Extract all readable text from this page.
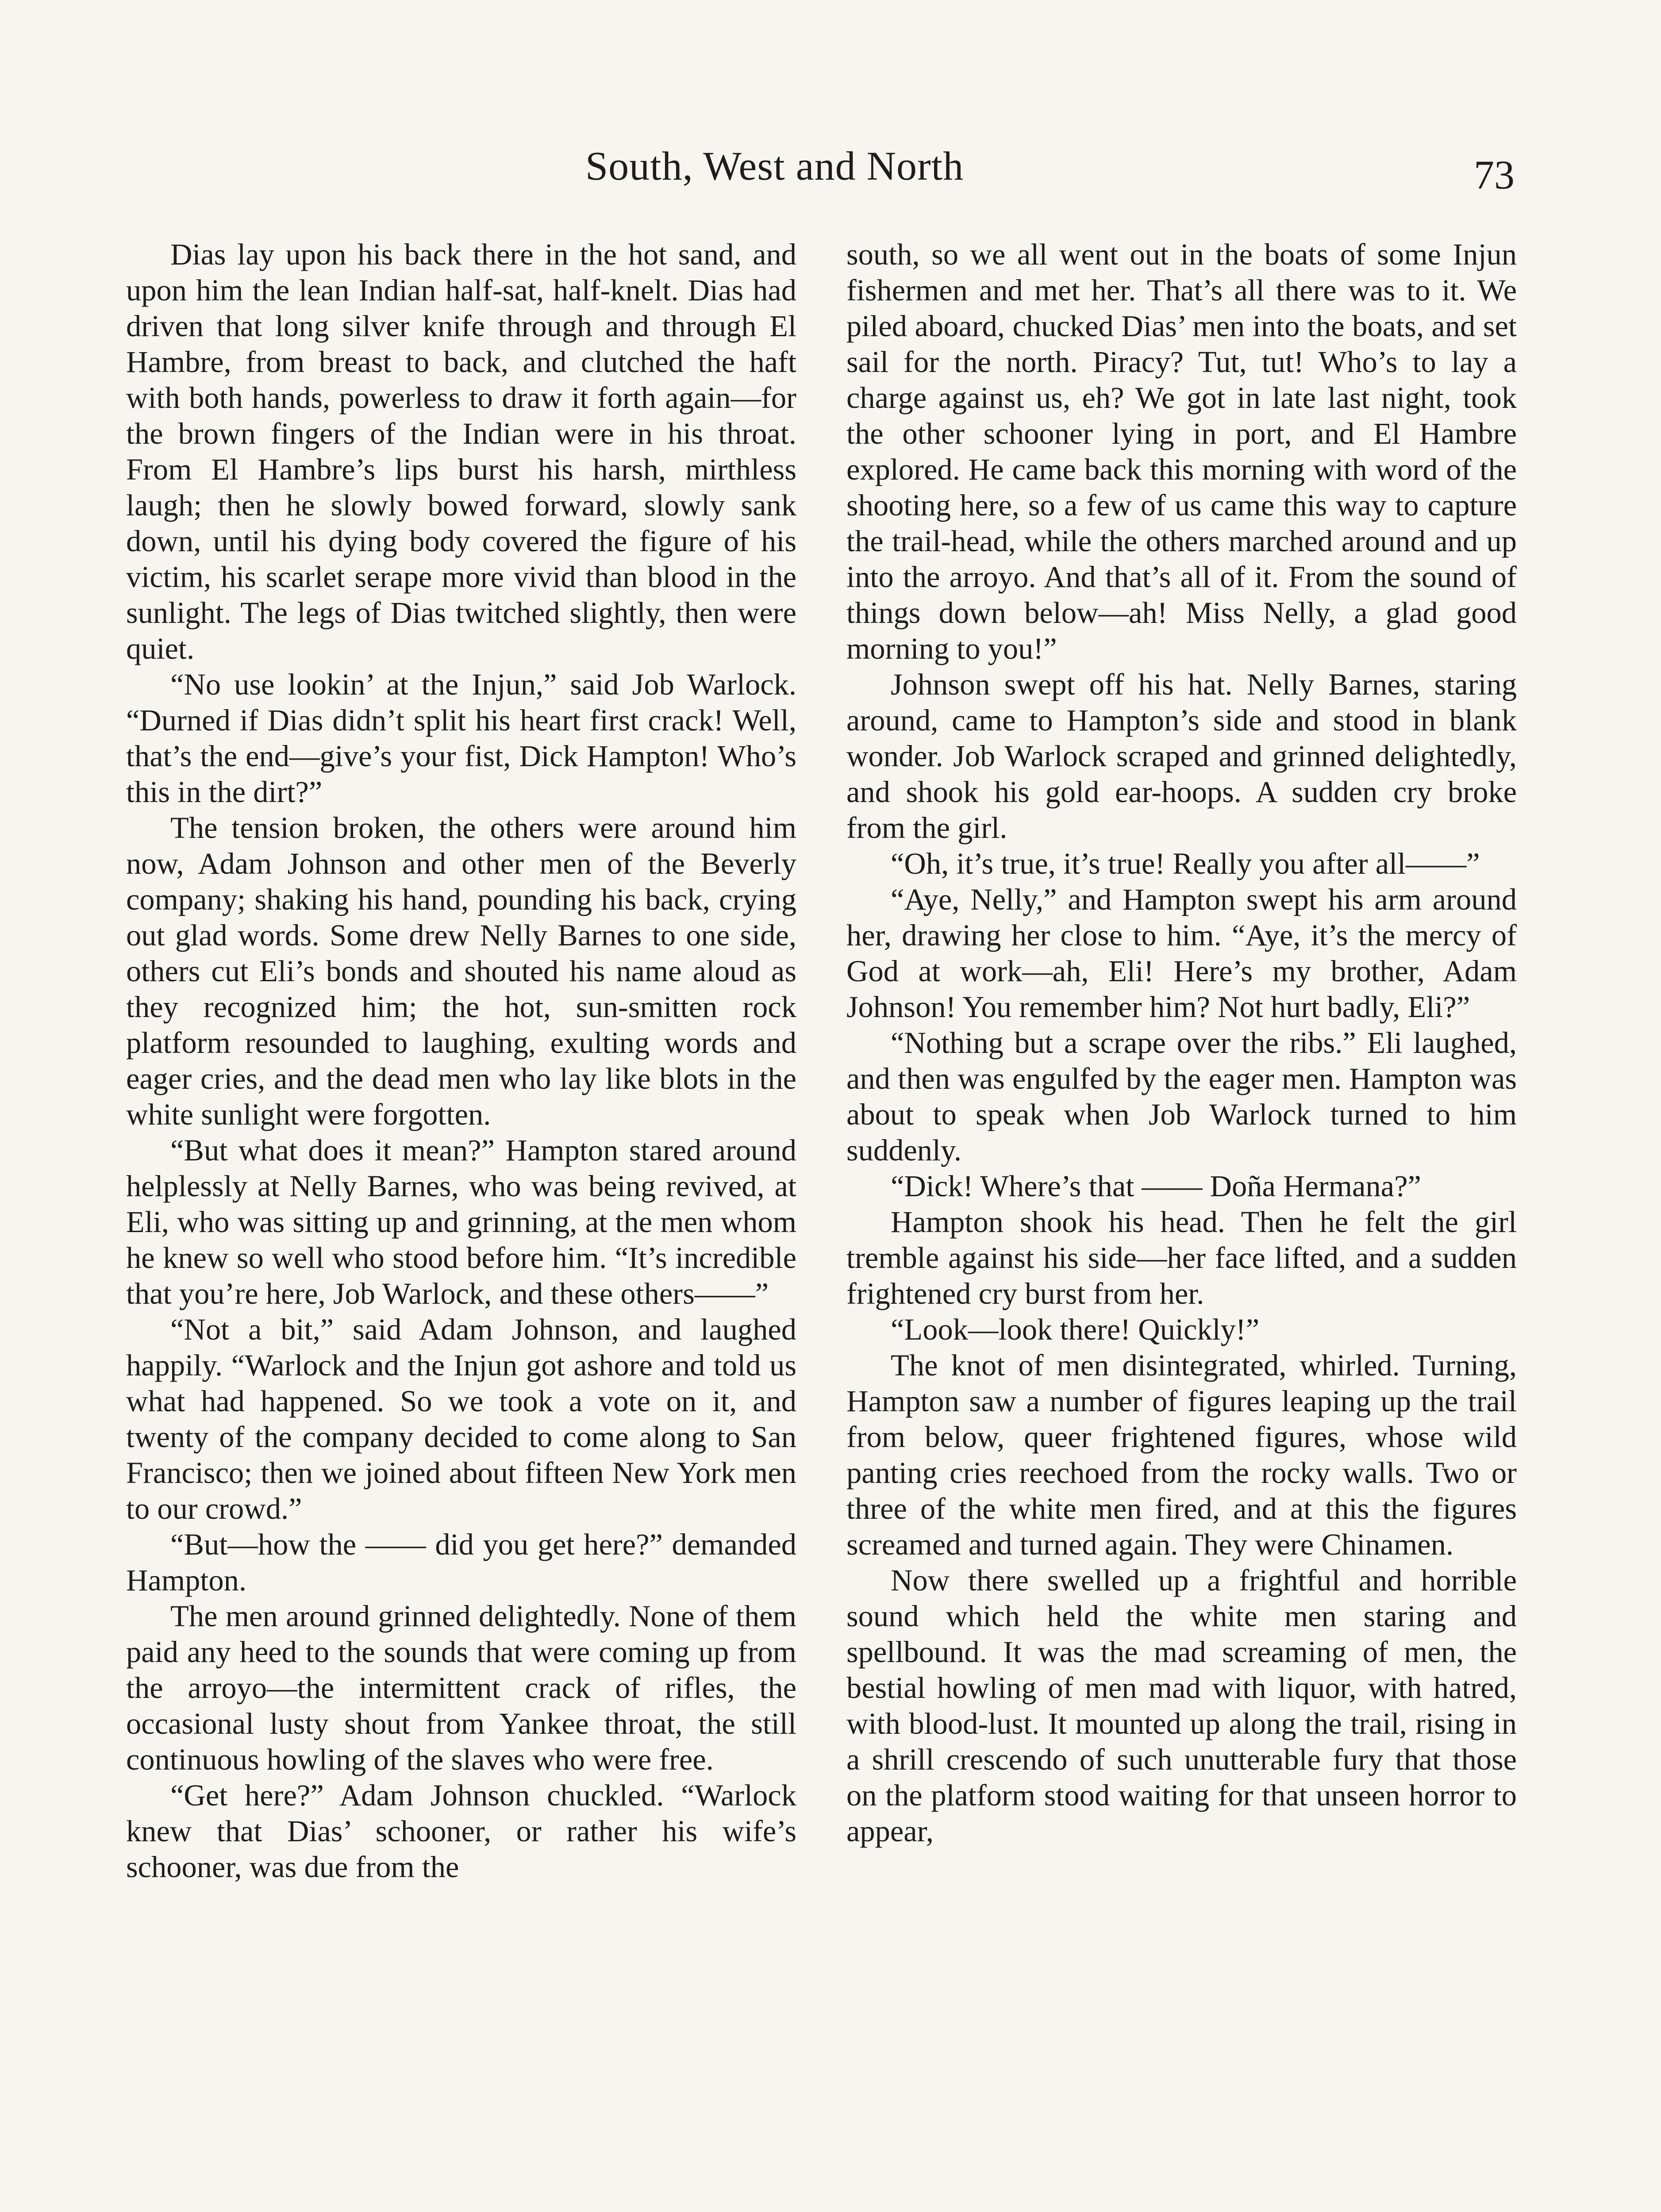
South, West and North	73

Dias lay upon his back there in the hot sand, and upon him the lean Indian half-sat, half-knelt. Dias had driven that long silver knife through and through El Hambre, from breast to back, and clutched the haft with both hands, powerless to draw it forth again—for the brown fingers of the Indian were in his throat. From El Hambre’s lips burst his harsh, mirthless laugh; then he slowly bowed forward, slowly sank down, until his dying body covered the figure of his victim, his scarlet serape more vivid than blood in the sunlight. The legs of Dias twitched slightly, then were quiet.

“No use lookin’ at the Injun,” said Job Warlock. “Durned if Dias didn’t split his heart first crack! Well, that’s the end—give’s your fist, Dick Hampton! Who’s this in the dirt?”

The tension broken, the others were around him now, Adam Johnson and other men of the Beverly company; shaking his hand, pounding his back, crying out glad words. Some drew Nelly Barnes to one side, others cut Eli’s bonds and shouted his name aloud as they recognized him; the hot, sun-smitten rock platform resounded to laughing, exulting words and eager cries, and the dead men who lay like blots in the white sunlight were forgotten.

“But what does it mean?” Hampton stared around helplessly at Nelly Barnes, who was being revived, at Eli, who was sitting up and grinning, at the men whom he knew so well who stood before him. “It’s incredible that you’re here, Job Warlock, and these others——”

“Not a bit,” said Adam Johnson, and laughed happily. “Warlock and the Injun got ashore and told us what had happened. So we took a vote on it, and twenty of the company decided to come along to San Francisco; then we joined about fifteen New York men to our crowd.”

“But—how the —— did you get here?” demanded Hampton.

The men around grinned delightedly. None of them paid any heed to the sounds that were coming up from the arroyo—the intermittent crack of rifles, the occasional lusty shout from Yankee throat, the still continuous howling of the slaves who were free.

“Get here?” Adam Johnson chuckled. “Warlock knew that Dias’ schooner, or rather his wife’s schooner, was due from the

south, so we all went out in the boats of some Injun fishermen and met her. That’s all there was to it. We piled aboard, chucked Dias’ men into the boats, and set sail for the north. Piracy? Tut, tut! Who’s to lay a charge against us, eh? We got in late last night, took the other schooner lying in port, and El Hambre explored. He came back this morning with word of the shooting here, so a few of us came this way to capture the trail-head, while the others marched around and up into the arroyo. And that’s all of it. From the sound of things down below—ah! Miss Nelly, a glad good morning to you!”

Johnson swept off his hat. Nelly Barnes, staring around, came to Hampton’s side and stood in blank wonder. Job Warlock scraped and grinned delightedly, and shook his gold ear-hoops. A sudden cry broke from the girl.

“Oh, it’s true, it’s true! Really you after all——”

“Aye, Nelly,” and Hampton swept his arm around her, drawing her close to him. “Aye, it’s the mercy of God at work—ah, Eli! Here’s my brother, Adam Johnson! You remember him? Not hurt badly, Eli?”

“Nothing but a scrape over the ribs.” Eli laughed, and then was engulfed by the eager men. Hampton was about to speak when Job Warlock turned to him suddenly.

“Dick! Where’s that —— Doña Hermana?”

Hampton shook his head. Then he felt the girl tremble against his side—her face lifted, and a sudden frightened cry burst from her.

“Look—look there! Quickly!”

The knot of men disintegrated, whirled. Turning, Hampton saw a number of figures leaping up the trail from below, queer frightened figures, whose wild panting cries reechoed from the rocky walls. Two or three of the white men fired, and at this the figures screamed and turned again. They were Chinamen.

Now there swelled up a frightful and horrible sound which held the white men staring and spellbound. It was the mad screaming of men, the bestial howling of men mad with liquor, with hatred, with blood-lust. It mounted up along the trail, rising in a shrill crescendo of such unutterable fury that those on the platform stood waiting for that unseen horror to appear,
